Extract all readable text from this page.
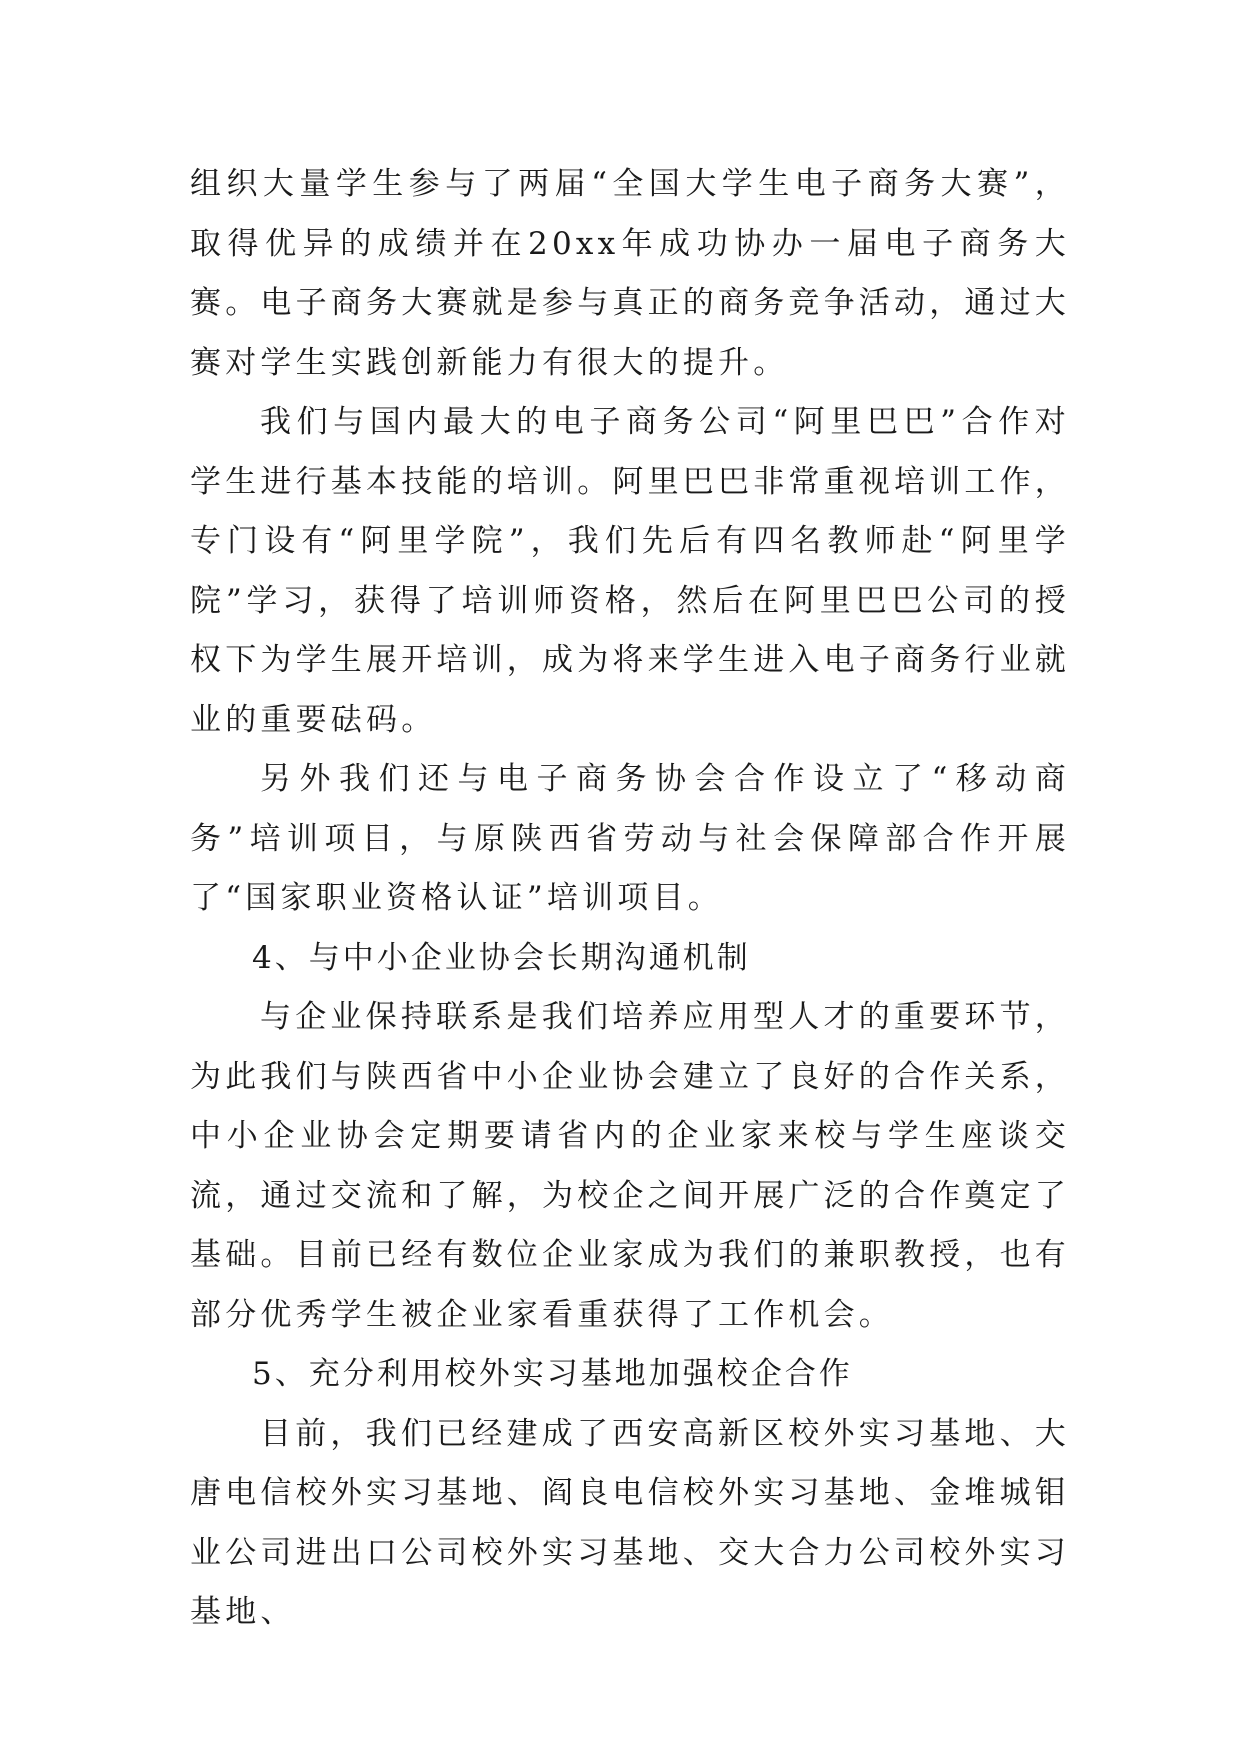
组织大量学生参与了两届“全国大学生电子商务大赛”，取得优异的成绩并在20xx年成功协办一届电子商务大赛。电子商务大赛就是参与真正的商务竞争活动，通过大赛对学生实践创新能力有很大的提升。

我们与国内最大的电子商务公司“阿里巴巴”合作对学生进行基本技能的培训。阿里巴巴非常重视培训工作，专门设有“阿里学院”，我们先后有四名教师赴“阿里学院”学习，获得了培训师资格，然后在阿里巴巴公司的授权下为学生展开培训，成为将来学生进入电子商务行业就业的重要砝码。

另外我们还与电子商务协会合作设立了“移动商务”培训项目，与原陕西省劳动与社会保障部合作开展了“国家职业资格认证”培训项目。

4、与中小企业协会长期沟通机制

与企业保持联系是我们培养应用型人才的重要环节，为此我们与陕西省中小企业协会建立了良好的合作关系，中小企业协会定期要请省内的企业家来校与学生座谈交流，通过交流和了解，为校企之间开展广泛的合作奠定了基础。目前已经有数位企业家成为我们的兼职教授，也有部分优秀学生被企业家看重获得了工作机会。

5、充分利用校外实习基地加强校企合作

目前，我们已经建成了西安高新区校外实习基地、大唐电信校外实习基地、阎良电信校外实习基地、金堆城钼业公司进出口公司校外实习基地、交大合力公司校外实习基地、
